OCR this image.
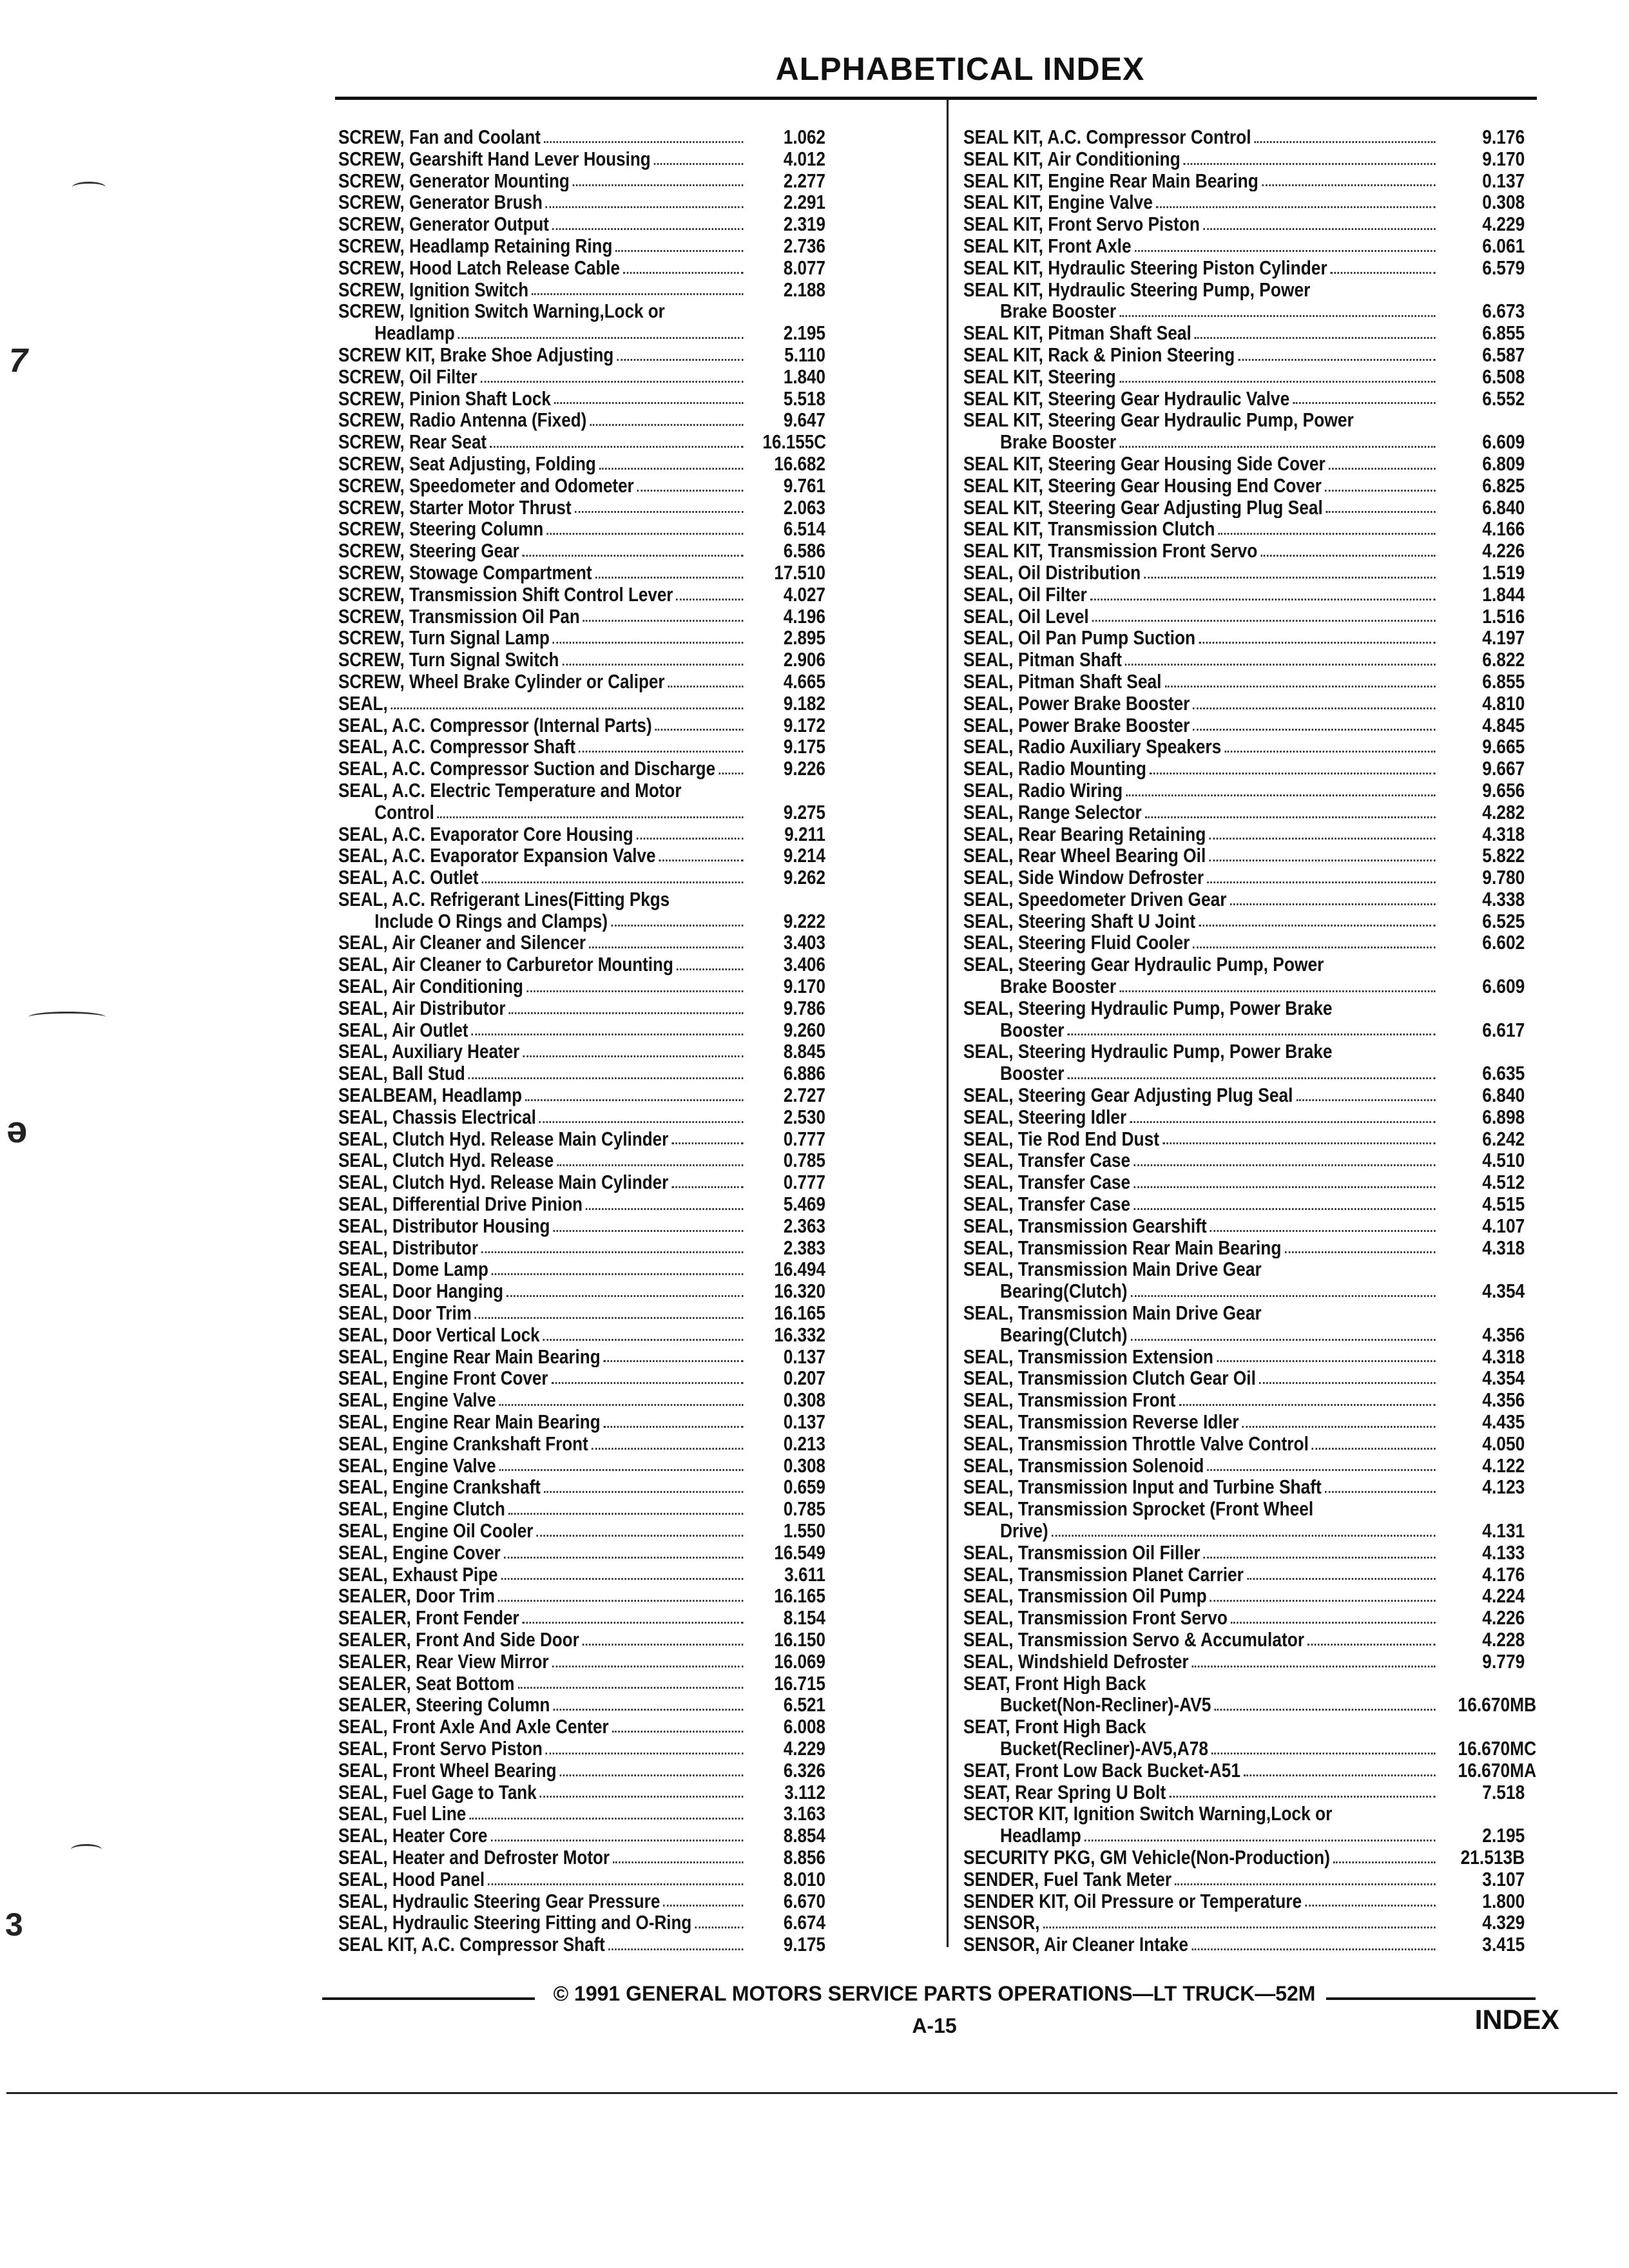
ALPHABETICAL INDEX
SCREW, Fan and Coolant	1.062
SCREW, Gearshift Hand Lever Housing	4.012
SCREW, Generator Mounting	2.277
SCREW, Generator Brush	2.291
SCREW, Generator Output	2.319
SCREW, Headlamp Retaining Ring	2.736
SCREW, Hood Latch Release Cable	8.077
SCREW, Ignition Switch	2.188
SCREW, Ignition Switch Warning,Lock or
Headlamp	2.195
SCREW KIT, Brake Shoe Adjusting	5.110
SCREW, Oil Filter	1.840
SCREW, Pinion Shaft Lock	5.518
SCREW, Radio Antenna (Fixed)	9.647
SCREW, Rear Seat	16.155C
SCREW, Seat Adjusting, Folding	16.682
SCREW, Speedometer and Odometer	9.761
SCREW, Starter Motor Thrust	2.063
SCREW, Steering Column	6.514
SCREW, Steering Gear	6.586
SCREW, Stowage Compartment	17.510
SCREW, Transmission Shift Control Lever	4.027
SCREW, Transmission Oil Pan	4.196
SCREW, Turn Signal Lamp	2.895
SCREW, Turn Signal Switch	2.906
SCREW, Wheel Brake Cylinder or Caliper	4.665
SEAL,	9.182
SEAL, A.C. Compressor (Internal Parts)	9.172
SEAL, A.C. Compressor Shaft	9.175
SEAL, A.C. Compressor Suction and Discharge	9.226
SEAL, A.C. Electric Temperature and Motor
Control	9.275
SEAL, A.C. Evaporator Core Housing	9.211
SEAL, A.C. Evaporator Expansion Valve	9.214
SEAL, A.C. Outlet	9.262
SEAL, A.C. Refrigerant Lines(Fitting Pkgs
Include O Rings and Clamps)	9.222
SEAL, Air Cleaner and Silencer	3.403
SEAL, Air Cleaner to Carburetor Mounting	3.406
SEAL, Air Conditioning	9.170
SEAL, Air Distributor	9.786
SEAL, Air Outlet	9.260
SEAL, Auxiliary Heater	8.845
SEAL, Ball Stud	6.886
SEALBEAM, Headlamp	2.727
SEAL, Chassis Electrical	2.530
SEAL, Clutch Hyd. Release Main Cylinder	0.777
SEAL, Clutch Hyd. Release	0.785
SEAL, Clutch Hyd. Release Main Cylinder	0.777
SEAL, Differential Drive Pinion	5.469
SEAL, Distributor Housing	2.363
SEAL, Distributor	2.383
SEAL, Dome Lamp	16.494
SEAL, Door Hanging	16.320
SEAL, Door Trim	16.165
SEAL, Door Vertical Lock	16.332
SEAL, Engine Rear Main Bearing	0.137
SEAL, Engine Front Cover	0.207
SEAL, Engine Valve	0.308
SEAL, Engine Rear Main Bearing	0.137
SEAL, Engine Crankshaft Front	0.213
SEAL, Engine Valve	0.308
SEAL, Engine Crankshaft	0.659
SEAL, Engine Clutch	0.785
SEAL, Engine Oil Cooler	1.550
SEAL, Engine Cover	16.549
SEAL, Exhaust Pipe	3.611
SEALER, Door Trim	16.165
SEALER, Front Fender	8.154
SEALER, Front And Side Door	16.150
SEALER, Rear View Mirror	16.069
SEALER, Seat Bottom	16.715
SEALER, Steering Column	6.521
SEAL, Front Axle And Axle Center	6.008
SEAL, Front Servo Piston	4.229
SEAL, Front Wheel Bearing	6.326
SEAL, Fuel Gage to Tank	3.112
SEAL, Fuel Line	3.163
SEAL, Heater Core	8.854
SEAL, Heater and Defroster Motor	8.856
SEAL, Hood Panel	8.010
SEAL, Hydraulic Steering Gear Pressure	6.670
SEAL, Hydraulic Steering Fitting and O-Ring	6.674
SEAL KIT, A.C. Compressor Shaft	9.175
SEAL KIT, A.C. Compressor Control	9.176
SEAL KIT, Air Conditioning	9.170
SEAL KIT, Engine Rear Main Bearing	0.137
SEAL KIT, Engine Valve	0.308
SEAL KIT, Front Servo Piston	4.229
SEAL KIT, Front Axle	6.061
SEAL KIT, Hydraulic Steering Piston Cylinder	6.579
SEAL KIT, Hydraulic Steering Pump, Power
Brake Booster	6.673
SEAL KIT, Pitman Shaft Seal	6.855
SEAL KIT, Rack & Pinion Steering	6.587
SEAL KIT, Steering	6.508
SEAL KIT, Steering Gear Hydraulic Valve	6.552
SEAL KIT, Steering Gear Hydraulic Pump, Power
Brake Booster	6.609
SEAL KIT, Steering Gear Housing Side Cover	6.809
SEAL KIT, Steering Gear Housing End Cover	6.825
SEAL KIT, Steering Gear Adjusting Plug Seal	6.840
SEAL KIT, Transmission Clutch	4.166
SEAL KIT, Transmission Front Servo	4.226
SEAL, Oil Distribution	1.519
SEAL, Oil Filter	1.844
SEAL, Oil Level	1.516
SEAL, Oil Pan Pump Suction	4.197
SEAL, Pitman Shaft	6.822
SEAL, Pitman Shaft Seal	6.855
SEAL, Power Brake Booster	4.810
SEAL, Power Brake Booster	4.845
SEAL, Radio Auxiliary Speakers	9.665
SEAL, Radio Mounting	9.667
SEAL, Radio Wiring	9.656
SEAL, Range Selector	4.282
SEAL, Rear Bearing Retaining	4.318
SEAL, Rear Wheel Bearing Oil	5.822
SEAL, Side Window Defroster	9.780
SEAL, Speedometer Driven Gear	4.338
SEAL, Steering Shaft U Joint	6.525
SEAL, Steering Fluid Cooler	6.602
SEAL, Steering Gear Hydraulic Pump, Power
Brake Booster	6.609
SEAL, Steering Hydraulic Pump, Power Brake
Booster	6.617
SEAL, Steering Hydraulic Pump, Power Brake
Booster	6.635
SEAL, Steering Gear Adjusting Plug Seal	6.840
SEAL, Steering Idler	6.898
SEAL, Tie Rod End Dust	6.242
SEAL, Transfer Case	4.510
SEAL, Transfer Case	4.512
SEAL, Transfer Case	4.515
SEAL, Transmission Gearshift	4.107
SEAL, Transmission Rear Main Bearing	4.318
SEAL, Transmission Main Drive Gear
Bearing(Clutch)	4.354
SEAL, Transmission Main Drive Gear
Bearing(Clutch)	4.356
SEAL, Transmission Extension	4.318
SEAL, Transmission Clutch Gear Oil	4.354
SEAL, Transmission Front	4.356
SEAL, Transmission Reverse Idler	4.435
SEAL, Transmission Throttle Valve Control	4.050
SEAL, Transmission Solenoid	4.122
SEAL, Transmission Input and Turbine Shaft	4.123
SEAL, Transmission Sprocket (Front Wheel
Drive)	4.131
SEAL, Transmission Oil Filler	4.133
SEAL, Transmission Planet Carrier	4.176
SEAL, Transmission Oil Pump	4.224
SEAL, Transmission Front Servo	4.226
SEAL, Transmission Servo & Accumulator	4.228
SEAL, Windshield Defroster	9.779
SEAT, Front High Back
Bucket(Non-Recliner)-AV5	16.670MB
SEAT, Front High Back
Bucket(Recliner)-AV5,A78	16.670MC
SEAT, Front Low Back Bucket-A51	16.670MA
SEAT, Rear Spring U Bolt	7.518
SECTOR KIT, Ignition Switch Warning,Lock or
Headlamp	2.195
SECURITY PKG, GM Vehicle(Non-Production)	21.513B
SENDER, Fuel Tank Meter	3.107
SENDER KIT, Oil Pressure or Temperature	1.800
SENSOR,	4.329
SENSOR, Air Cleaner Intake	3.415
© 1991 GENERAL MOTORS SERVICE PARTS OPERATIONS—LT TRUCK—52M
A-15	INDEX
7
ə
3
